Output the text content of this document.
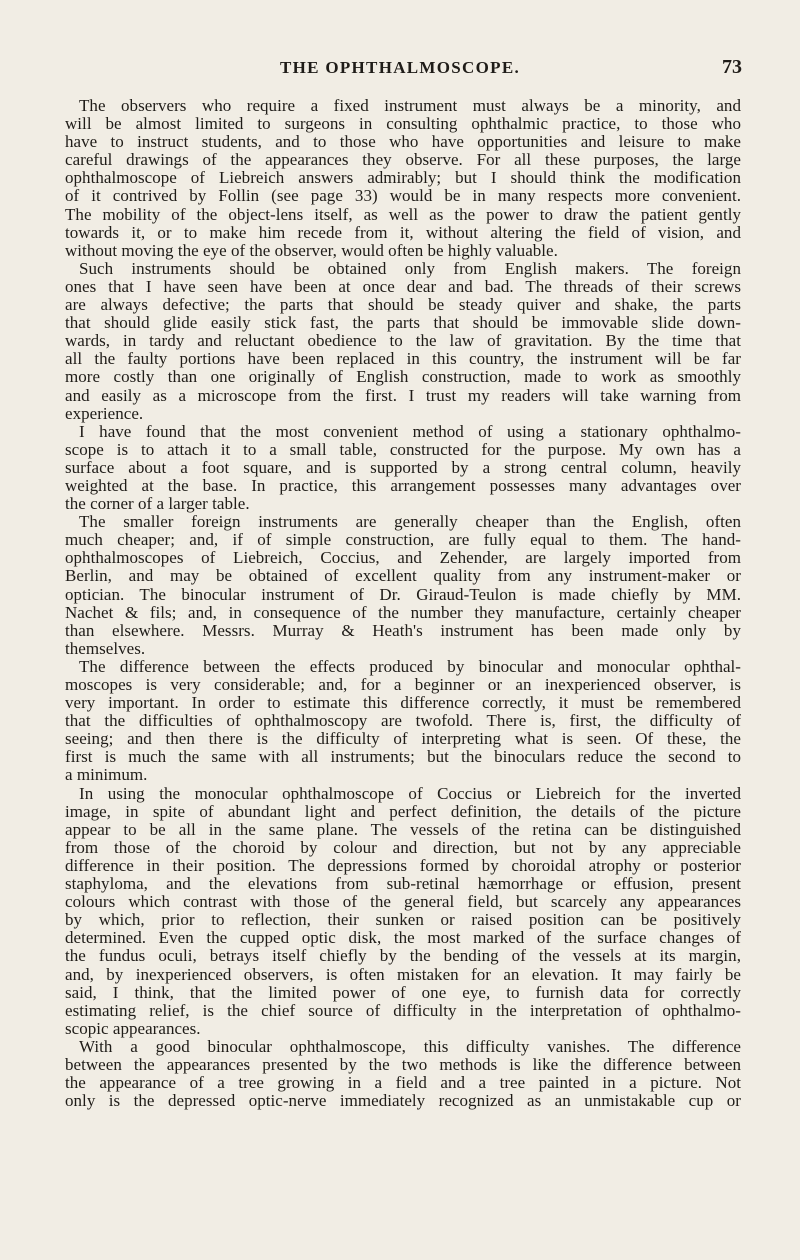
THE OPHTHALMOSCOPE.	73
The observers who require a fixed instrument must always be a minority, and
will be almost limited to surgeons in consulting ophthalmic practice, to those who
have to instruct students, and to those who have opportunities and leisure to make
careful drawings of the appearances they observe. For all these purposes, the large
ophthalmoscope of Liebreich answers admirably; but I should think the modification
of it contrived by Follin (see page 33) would be in many respects more convenient.
The mobility of the object-lens itself, as well as the power to draw the patient gently
towards it, or to make him recede from it, without altering the field of vision, and
without moving the eye of the observer, would often be highly valuable.
Such instruments should be obtained only from English makers. The foreign
ones that I have seen have been at once dear and bad. The threads of their screws
are always defective; the parts that should be steady quiver and shake, the parts
that should glide easily stick fast, the parts that should be immovable slide down-
wards, in tardy and reluctant obedience to the law of gravitation. By the time that
all the faulty portions have been replaced in this country, the instrument will be far
more costly than one originally of English construction, made to work as smoothly
and easily as a microscope from the first. I trust my readers will take warning from
experience.
I have found that the most convenient method of using a stationary ophthalmo-
scope is to attach it to a small table, constructed for the purpose. My own has a
surface about a foot square, and is supported by a strong central column, heavily
weighted at the base. In practice, this arrangement possesses many advantages over
the corner of a larger table.
The smaller foreign instruments are generally cheaper than the English, often
much cheaper; and, if of simple construction, are fully equal to them. The hand-
ophthalmoscopes of Liebreich, Coccius, and Zehender, are largely imported from
Berlin, and may be obtained of excellent quality from any instrument-maker or
optician. The binocular instrument of Dr. Giraud-Teulon is made chiefly by MM.
Nachet & fils; and, in consequence of the number they manufacture, certainly cheaper
than elsewhere. Messrs. Murray & Heath's instrument has been made only by
themselves.
The difference between the effects produced by binocular and monocular ophthal-
moscopes is very considerable; and, for a beginner or an inexperienced observer, is
very important. In order to estimate this difference correctly, it must be remembered
that the difficulties of ophthalmoscopy are twofold. There is, first, the difficulty of
seeing; and then there is the difficulty of interpreting what is seen. Of these, the
first is much the same with all instruments; but the binoculars reduce the second to
a minimum.
In using the monocular ophthalmoscope of Coccius or Liebreich for the inverted
image, in spite of abundant light and perfect definition, the details of the picture
appear to be all in the same plane. The vessels of the retina can be distinguished
from those of the choroid by colour and direction, but not by any appreciable
difference in their position. The depressions formed by choroidal atrophy or posterior
staphyloma, and the elevations from sub-retinal hæmorrhage or effusion, present
colours which contrast with those of the general field, but scarcely any appearances
by which, prior to reflection, their sunken or raised position can be positively
determined. Even the cupped optic disk, the most marked of the surface changes of
the fundus oculi, betrays itself chiefly by the bending of the vessels at its margin,
and, by inexperienced observers, is often mistaken for an elevation. It may fairly be
said, I think, that the limited power of one eye, to furnish data for correctly
estimating relief, is the chief source of difficulty in the interpretation of ophthalmo-
scopic appearances.
With a good binocular ophthalmoscope, this difficulty vanishes. The difference
between the appearances presented by the two methods is like the difference between
the appearance of a tree growing in a field and a tree painted in a picture. Not
only is the depressed optic-nerve immediately recognized as an unmistakable cup or
